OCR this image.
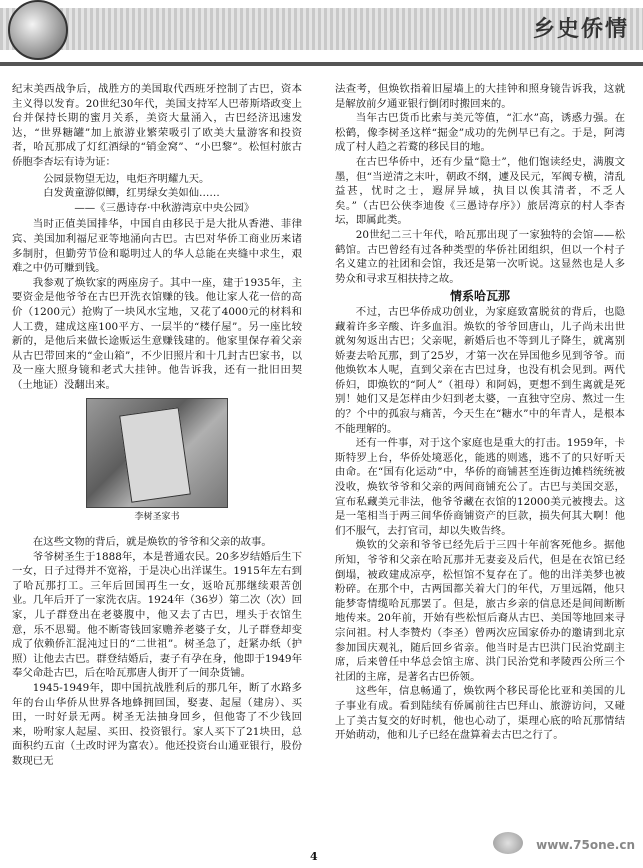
乡史侨情

纪末美西战争后，战胜方的美国取代西班牙控制了古巴，资本主义得以发育。20世纪30年代，美国支持军人巴蒂斯塔政变上台并保持长期的蜜月关系，美资大量涌入，古巴经济迅速发达，“世界糖罐”加上旅游业繁荣吸引了欧美大量游客和投资者，哈瓦那成了灯红酒绿的“销金窝”、“小巴黎”。松恒村旅古侨胞李杏坛有诗为证：

公园景物望无边，电炬齐明耀九天。
白发黄童游似鲫，红男绿女美如仙……
——《三愚诗存·中秋游湾京中央公园》

当时正值美国排华，中国自由移民于是大批从香港、菲律宾、美国加利福尼亚等地涌向古巴。古巴对华侨工商业历来诸多制肘，但勤劳节俭和聪明过人的华人总能在夹缝中求生，艰难之中仍可赚到钱。

我参观了焕钦家的两座房子。其中一座，建于1935年，主要资金是他爷爷在古巴开洗衣馆赚的钱。他让家人花一倍的高价（1200元）抢购了一块风水宝地，又花了4000元的材料和人工费，建成这座100平方、一层半的“楼仔屋”。另一座比较新的，是他后来做长途贩运生意赚钱建的。他家里保存着父亲从古巴带回来的“金山箱”，不少旧照片和十几封古巴家书，以及一座大照身镜和老式大挂钟。他告诉我，还有一批旧田契（土地证）没翻出来。

李树圣家书

在这些文物的背后，就是焕钦的爷爷和父亲的故事。

爷爷树圣生于1888年，本是普通农民。20多岁结婚后生下一女，日子过得并不宽裕，于是决心出洋谋生。1915年左右到了哈瓦那打工。三年后回国再生一女，返哈瓦那继续艰苦创业。几年后开了一家洗衣店。1924年（36岁）第二次（次）回家，儿子群登出在老婆腹中，他又去了古巴，埋头于衣馆生意，乐不思蜀。他不断寄钱回家赡养老婆子女，儿子群登却变成了依赖侨汇混沌过日的“二世祖”。树圣急了，赶紧办纸（护照）让他去古巴。群登结婚后，妻子有孕在身，他即于1949年奉父命赴古巴，后在哈瓦那唐人街开了一间杂货铺。

1945-1949年，即中国抗战胜利后的那几年，断了水路多年的台山华侨从世界各地蜂拥回国，娶妻、起屋（建房）、买田，一时好景无两。树圣无法抽身回乡，但他寄了不少钱回来，吩咐家人起屋、买田、投资银行。家人买下了21块田，总面积约五亩（土改时评为富农）。他还投资台山通亚银行，股份数现已无

法查考，但焕钦指着旧屋墙上的大挂钟和照身镜告诉我，这就是解放前夕通亚银行倒闭时搬回来的。

当年古巴货币比索与美元等值，“汇水”高，诱惑力强。在松鹤，像李树圣这样“掘金”成功的先例早已有之。于是，阿湾成了村人趋之若鹜的移民目的地。

在古巴华侨中，还有少量“隐士”，他们饱读经史，满腹文墨，但“当逆清之末叶，朝政不纲，遽及民元，军阀专横，清乱益甚，忧时之士，遐屏异域，执目以俟其清者，不乏人矣。”（古巴公侠李迪俊《三愚诗存序》）旅居湾京的村人李杏坛，即属此类。

20世纪二三十年代，哈瓦那出现了一家独特的会馆——松鹤馆。古巴曾经有过各种类型的华侨社团组织，但以一个村子名义建立的社团和会馆，我还是第一次听说。这显然也是人多势众和寻求互相扶持之故。

情系哈瓦那

不过，古巴华侨成功创业，为家庭致富脱贫的背后，也隐藏着许多辛酸、许多血泪。焕钦的爷爷回唐山，儿子尚未出世就匆匆返出古巴；父亲呢，新婚后也不等到儿子降生，就离别娇妻去哈瓦那，到了25岁，才第一次在异国他乡见到爷爷。而他焕钦本人呢，直到父亲在古巴过身，也没有机会见到。两代侨妇，即焕钦的“阿人”（祖母）和阿妈，更想不到生离就是死别！她们又是怎样由少妇到老太婆，一直独守空房、熬过一生的？个中的孤寂与痛苦，今天生在“糖水”中的年青人，是根本不能理解的。

还有一件事，对于这个家庭也是重大的打击。1959年，卡斯特罗上台，华侨处境恶化，能逃的则逃，逃不了的只好听天由命。在“国有化运动”中，华侨的商铺甚至连街边摊档统统被没收，焕钦爷爷和父亲的两间商铺充公了。古巴与美国交恶，宣布私藏美元非法，他爷爷藏在衣馆的12000美元被搜去。这是一笔相当于两三间华侨商铺资产的巨款，损失何其大啊！他们不服气，去打官司，却以失败告终。

焕钦的父亲和爷爷已经先后于三四十年前客死他乡。据他所知，爷爷和父亲在哈瓦那并无妻妾及后代，但是在衣馆已经倒塌，被政建成凉亭，松恒馆不复存在了。他的出洋美梦也被粉碎。在那个中，古两国都关着大门的年代，万里远隔，他只能梦寄情缆哈瓦那罢了。但是，旅古乡亲的信息还是间间断断地传来。20年前，开始有些松恒后裔从古巴、美国等地回来寻宗问祖。村人李赞灼（李圣）曾两次应国家侨办的邀请到北京参加国庆观礼，随后回乡省亲。他当时是古巴洪门民治党副主席，后来曾任中华总会馆主席、洪门民治党和孝陵西公所三个社团的主席，是著名古巴侨领。

这些年，信息畅通了，焕钦两个移民哥伦比亚和美国的儿子事业有成。看到陆续有侨属前往古巴拜山、旅游访问，又碰上了美古复交的好时机，他也心动了，渠理心底的哈瓦那情结开始萌动，他和儿子已经在盘算着去古巴之行了。

4
www.75one.cn
